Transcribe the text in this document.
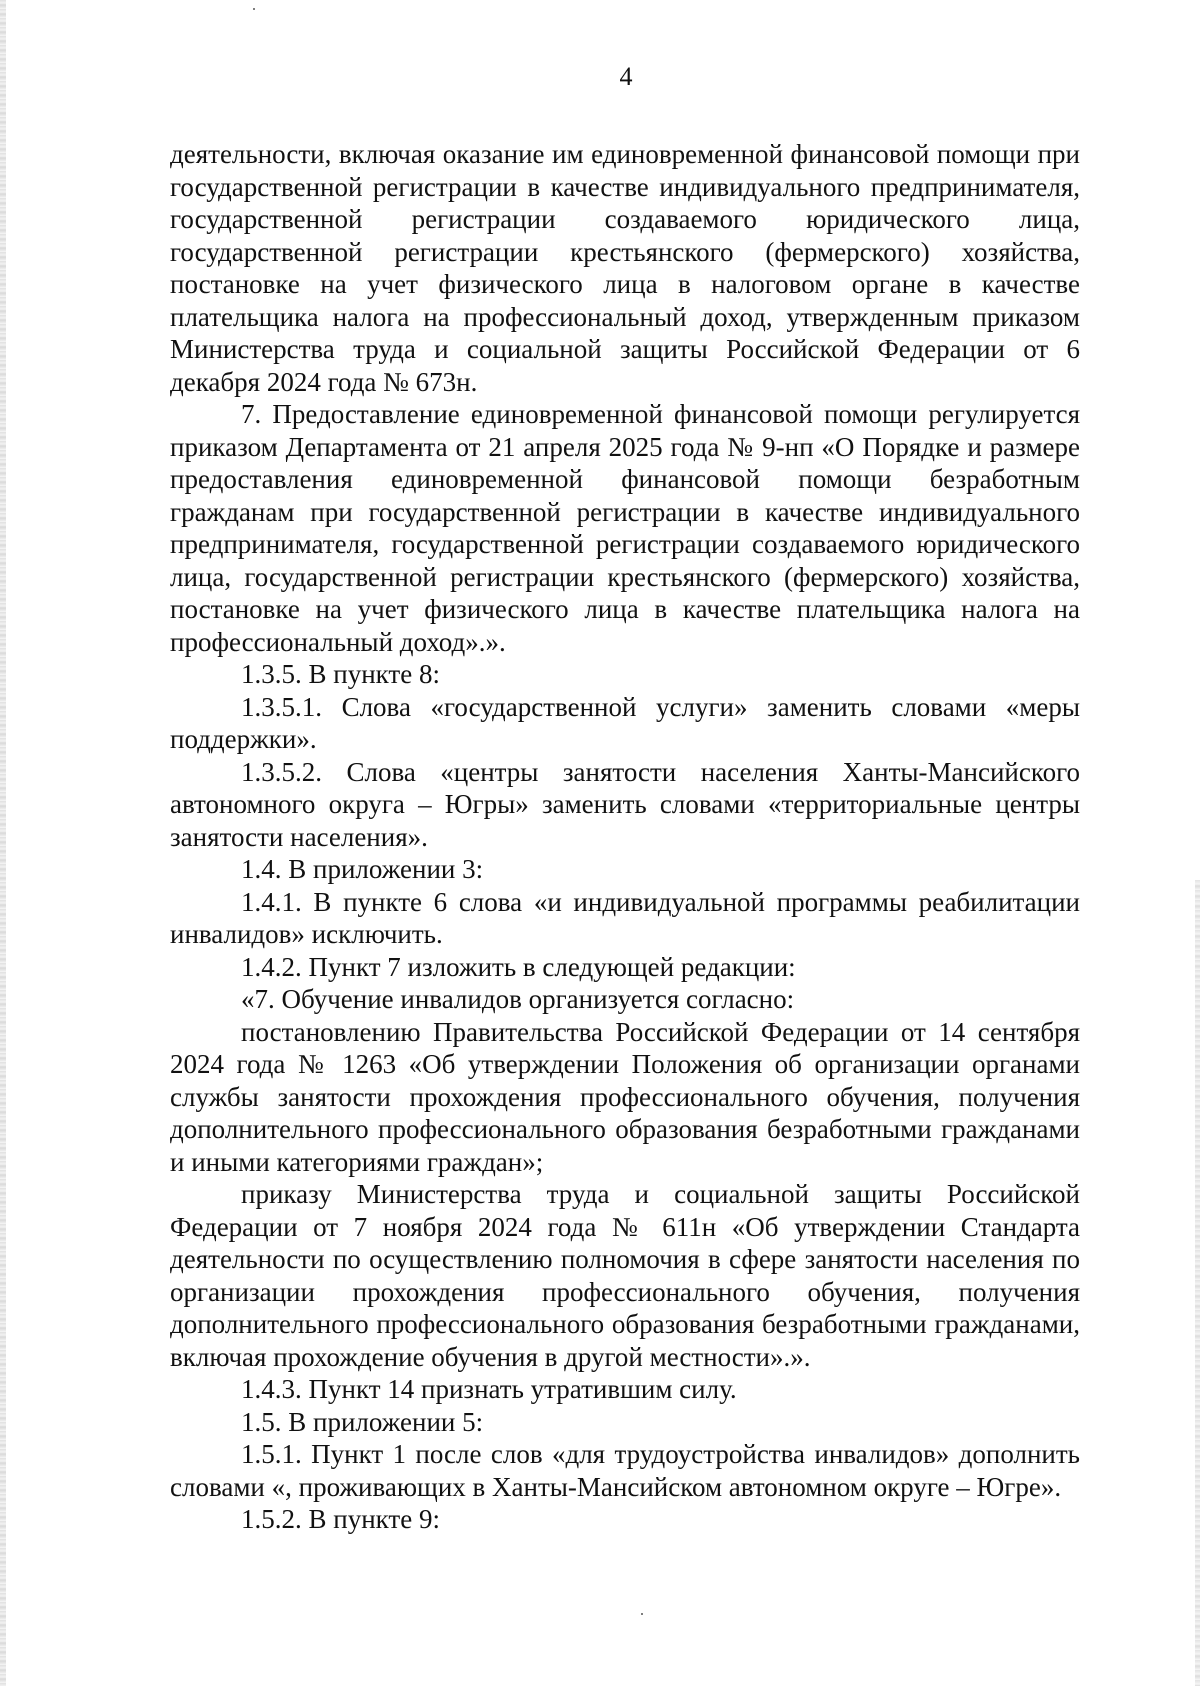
4

деятельности, включая оказание им единовременной финансовой помощи при государственной регистрации в качестве индивидуального предпринимателя, государственной регистрации создаваемого юридического лица, государственной регистрации крестьянского (фермерского) хозяйства, постановке на учет физического лица в налоговом органе в качестве плательщика налога на профессиональный доход, утвержденным приказом Министерства труда и социальной защиты Российской Федерации от 6 декабря 2024 года № 673н.

7. Предоставление единовременной финансовой помощи регулируется приказом Департамента от 21 апреля 2025 года № 9-нп «О Порядке и размере предоставления единовременной финансовой помощи безработным гражданам при государственной регистрации в качестве индивидуального предпринимателя, государственной регистрации создаваемого юридического лица, государственной регистрации крестьянского (фермерского) хозяйства, постановке на учет физического лица в качестве плательщика налога на профессиональный доход».».

1.3.5. В пункте 8:

1.3.5.1. Слова «государственной услуги» заменить словами «меры поддержки».

1.3.5.2. Слова «центры занятости населения Ханты-Мансийского автономного округа – Югры» заменить словами «территориальные центры занятости населения».

1.4. В приложении 3:

1.4.1. В пункте 6 слова «и индивидуальной программы реабилитации инвалидов» исключить.

1.4.2. Пункт 7 изложить в следующей редакции:

«7. Обучение инвалидов организуется согласно:

постановлению Правительства Российской Федерации от 14 сентября 2024 года № 1263 «Об утверждении Положения об организации органами службы занятости прохождения профессионального обучения, получения дополнительного профессионального образования безработными гражданами и иными категориями граждан»;

приказу Министерства труда и социальной защиты Российской Федерации от 7 ноября 2024 года № 611н «Об утверждении Стандарта деятельности по осуществлению полномочия в сфере занятости населения по организации прохождения профессионального обучения, получения дополнительного профессионального образования безработными гражданами, включая прохождение обучения в другой местности».».

1.4.3. Пункт 14 признать утратившим силу.

1.5. В приложении 5:

1.5.1. Пункт 1 после слов «для трудоустройства инвалидов» дополнить словами «, проживающих в Ханты-Мансийском автономном округе – Югре».

1.5.2. В пункте 9:
